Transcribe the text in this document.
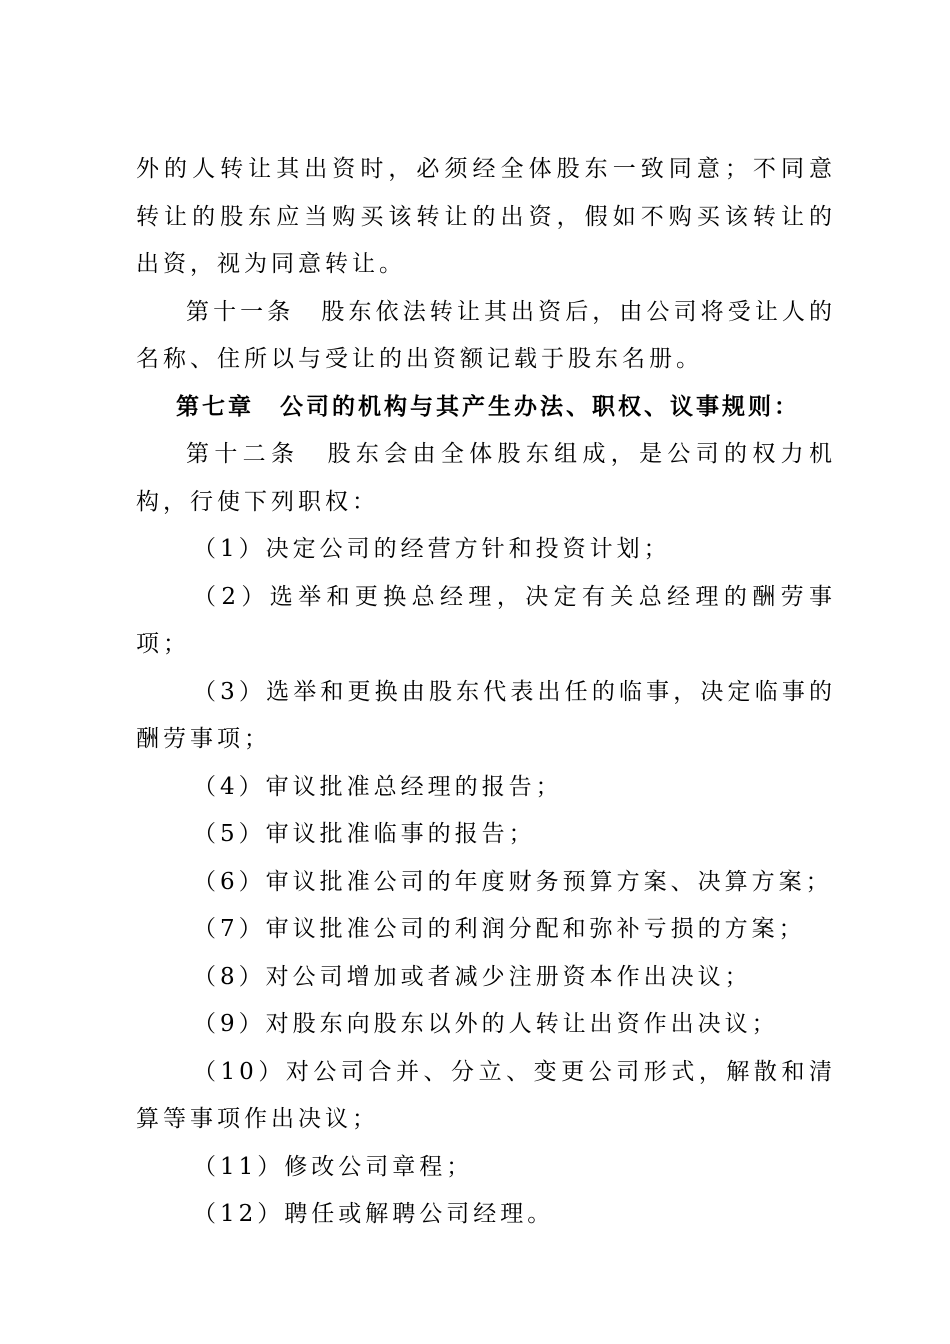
外的人转让其出资时，必须经全体股东一致同意；不同意转让的股东应当购买该转让的出资，假如不购买该转让的出资，视为同意转让。

第十一条　股东依法转让其出资后，由公司将受让人的名称、住所以与受让的出资额记载于股东名册。

第七章　公司的机构与其产生办法、职权、议事规则：

第十二条　股东会由全体股东组成，是公司的权力机构，行使下列职权：

（1）决定公司的经营方针和投资计划；

（2）选举和更换总经理，决定有关总经理的酬劳事项；

（3）选举和更换由股东代表出任的临事，决定临事的酬劳事项；

（4）审议批准总经理的报告；

（5）审议批准临事的报告；

（6）审议批准公司的年度财务预算方案、决算方案；

（7）审议批准公司的利润分配和弥补亏损的方案；

（8）对公司增加或者减少注册资本作出决议；

（9）对股东向股东以外的人转让出资作出决议；

（10）对公司合并、分立、变更公司形式，解散和清算等事项作出决议；

（11）修改公司章程；

（12）聘任或解聘公司经理。
